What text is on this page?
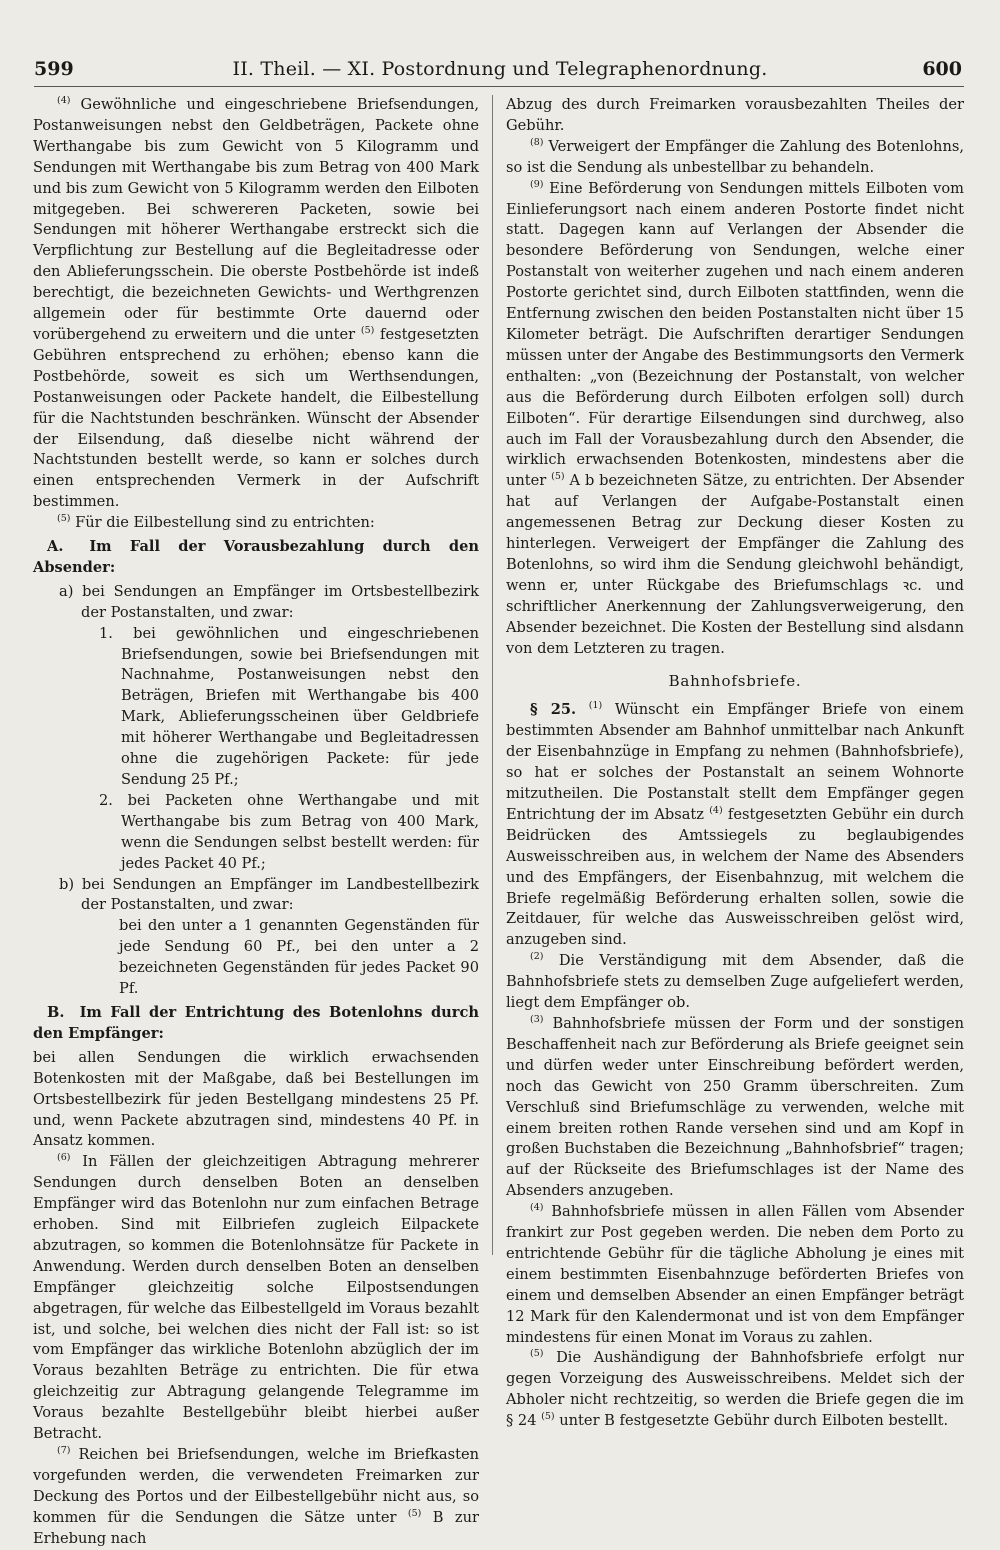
599	II. Theil. — XI. Postordnung und Telegraphenordnung.	600

$^{(4)}$ Gewöhnliche und eingeschriebene Briefsendungen, Postanweisungen nebst den Geldbeträgen, Packete ohne Werthangabe bis zum Gewicht von 5 Kilogramm und Sendungen mit Werthangabe bis zum Betrag von 400 Mark und bis zum Gewicht von 5 Kilogramm werden den Eilboten mitgegeben. Bei schwereren Packeten, sowie bei Sendungen mit höherer Werthangabe erstreckt sich die Verpflichtung zur Bestellung auf die Begleitadresse oder den Ablieferungsschein. Die oberste Postbehörde ist indeß berechtigt, die bezeichneten Gewichts- und Werthgrenzen allgemein oder für bestimmte Orte dauernd oder vorübergehend zu erweitern und die unter $^{(5)}$ festgesetzten Gebühren entsprechend zu erhöhen; ebenso kann die Postbehörde, soweit es sich um Werthsendungen, Postanweisungen oder Packete handelt, die Eilbestellung für die Nachtstunden beschränken. Wünscht der Absender der Eilsendung, daß dieselbe nicht während der Nachtstunden bestellt werde, so kann er solches durch einen entsprechenden Vermerk in der Aufschrift bestimmen.

$^{(5)}$ Für die Eilbestellung sind zu entrichten:

A. Im Fall der Vorausbezahlung durch den Absender:

a) bei Sendungen an Empfänger im Ortsbestellbezirk der Postanstalten, und zwar:

1. bei gewöhnlichen und eingeschriebenen Briefsendungen, sowie bei Briefsendungen mit Nachnahme, Postanweisungen nebst den Beträgen, Briefen mit Werthangabe bis 400 Mark, Ablieferungsscheinen über Geldbriefe mit höherer Werthangabe und Begleitadressen ohne die zugehörigen Packete: für jede Sendung 25 Pf.;

2. bei Packeten ohne Werthangabe und mit Werthangabe bis zum Betrag von 400 Mark, wenn die Sendungen selbst bestellt werden: für jedes Packet 40 Pf.;

b) bei Sendungen an Empfänger im Landbestellbezirk der Postanstalten, und zwar:

bei den unter a 1 genannten Gegenständen für jede Sendung 60 Pf., bei den unter a 2 bezeichneten Gegenständen für jedes Packet 90 Pf.

B. Im Fall der Entrichtung des Botenlohns durch den Empfänger:

bei allen Sendungen die wirklich erwachsenden Botenkosten mit der Maßgabe, daß bei Bestellungen im Ortsbestellbezirk für jeden Bestellgang mindestens 25 Pf. und, wenn Packete abzutragen sind, mindestens 40 Pf. in Ansatz kommen.

$^{(6)}$ In Fällen der gleichzeitigen Abtragung mehrerer Sendungen durch denselben Boten an denselben Empfänger wird das Botenlohn nur zum einfachen Betrage erhoben. Sind mit Eilbriefen zugleich Eilpackete abzutragen, so kommen die Botenlohnsätze für Packete in Anwendung. Werden durch denselben Boten an denselben Empfänger gleichzeitig solche Eilpostsendungen abgetragen, für welche das Eilbestellgeld im Voraus bezahlt ist, und solche, bei welchen dies nicht der Fall ist: so ist vom Empfänger das wirkliche Botenlohn abzüglich der im Voraus bezahlten Beträge zu entrichten. Die für etwa gleichzeitig zur Abtragung gelangende Telegramme im Voraus bezahlte Bestellgebühr bleibt hierbei außer Betracht.

$^{(7)}$ Reichen bei Briefsendungen, welche im Briefkasten vorgefunden werden, die verwendeten Freimarken zur Deckung des Portos und der Eilbestellgebühr nicht aus, so kommen für die Sendungen die Sätze unter $^{(5)}$ B zur Erhebung nach

Abzug des durch Freimarken vorausbezahlten Theiles der Gebühr.

$^{(8)}$ Verweigert der Empfänger die Zahlung des Botenlohns, so ist die Sendung als unbestellbar zu behandeln.

$^{(9)}$ Eine Beförderung von Sendungen mittels Eilboten vom Einlieferungsort nach einem anderen Postorte findet nicht statt. Dagegen kann auf Verlangen der Absender die besondere Beförderung von Sendungen, welche einer Postanstalt von weiterher zugehen und nach einem anderen Postorte gerichtet sind, durch Eilboten stattfinden, wenn die Entfernung zwischen den beiden Postanstalten nicht über 15 Kilometer beträgt. Die Aufschriften derartiger Sendungen müssen unter der Angabe des Bestimmungsorts den Vermerk enthalten: „von (Bezeichnung der Postanstalt, von welcher aus die Beförderung durch Eilboten erfolgen soll) durch Eilboten“. Für derartige Eilsendungen sind durchweg, also auch im Fall der Vorausbezahlung durch den Absender, die wirklich erwachsenden Botenkosten, mindestens aber die unter $^{(5)}$ A b bezeichneten Sätze, zu entrichten. Der Absender hat auf Verlangen der Aufgabe-Postanstalt einen angemessenen Betrag zur Deckung dieser Kosten zu hinterlegen. Verweigert der Empfänger die Zahlung des Botenlohns, so wird ihm die Sendung gleichwohl behändigt, wenn er, unter Rückgabe des Briefumschlags ꝛc. und schriftlicher Anerkennung der Zahlungsverweigerung, den Absender bezeichnet. Die Kosten der Bestellung sind alsdann von dem Letzteren zu tragen.

Bahnhofsbriefe.

§ 25. $^{(1)}$ Wünscht ein Empfänger Briefe von einem bestimmten Absender am Bahnhof unmittelbar nach Ankunft der Eisenbahnzüge in Empfang zu nehmen (Bahnhofsbriefe), so hat er solches der Postanstalt an seinem Wohnorte mitzutheilen. Die Postanstalt stellt dem Empfänger gegen Entrichtung der im Absatz $^{(4)}$ festgesetzten Gebühr ein durch Beidrücken des Amtssiegels zu beglaubigendes Ausweisschreiben aus, in welchem der Name des Absenders und des Empfängers, der Eisenbahnzug, mit welchem die Briefe regelmäßig Beförderung erhalten sollen, sowie die Zeitdauer, für welche das Ausweisschreiben gelöst wird, anzugeben sind.

$^{(2)}$ Die Verständigung mit dem Absender, daß die Bahnhofsbriefe stets zu demselben Zuge aufgeliefert werden, liegt dem Empfänger ob.

$^{(3)}$ Bahnhofsbriefe müssen der Form und der sonstigen Beschaffenheit nach zur Beförderung als Briefe geeignet sein und dürfen weder unter Einschreibung befördert werden, noch das Gewicht von 250 Gramm überschreiten. Zum Verschluß sind Briefumschläge zu verwenden, welche mit einem breiten rothen Rande versehen sind und am Kopf in großen Buchstaben die Bezeichnung „Bahnhofsbrief“ tragen; auf der Rückseite des Briefumschlages ist der Name des Absenders anzugeben.

$^{(4)}$ Bahnhofsbriefe müssen in allen Fällen vom Absender frankirt zur Post gegeben werden. Die neben dem Porto zu entrichtende Gebühr für die tägliche Abholung je eines mit einem bestimmten Eisenbahnzuge beförderten Briefes von einem und demselben Absender an einen Empfänger beträgt 12 Mark für den Kalendermonat und ist von dem Empfänger mindestens für einen Monat im Voraus zu zahlen.

$^{(5)}$ Die Aushändigung der Bahnhofsbriefe erfolgt nur gegen Vorzeigung des Ausweisschreibens. Meldet sich der Abholer nicht rechtzeitig, so werden die Briefe gegen die im § 24 $^{(5)}$ unter B festgesetzte Gebühr durch Eilboten bestellt.
